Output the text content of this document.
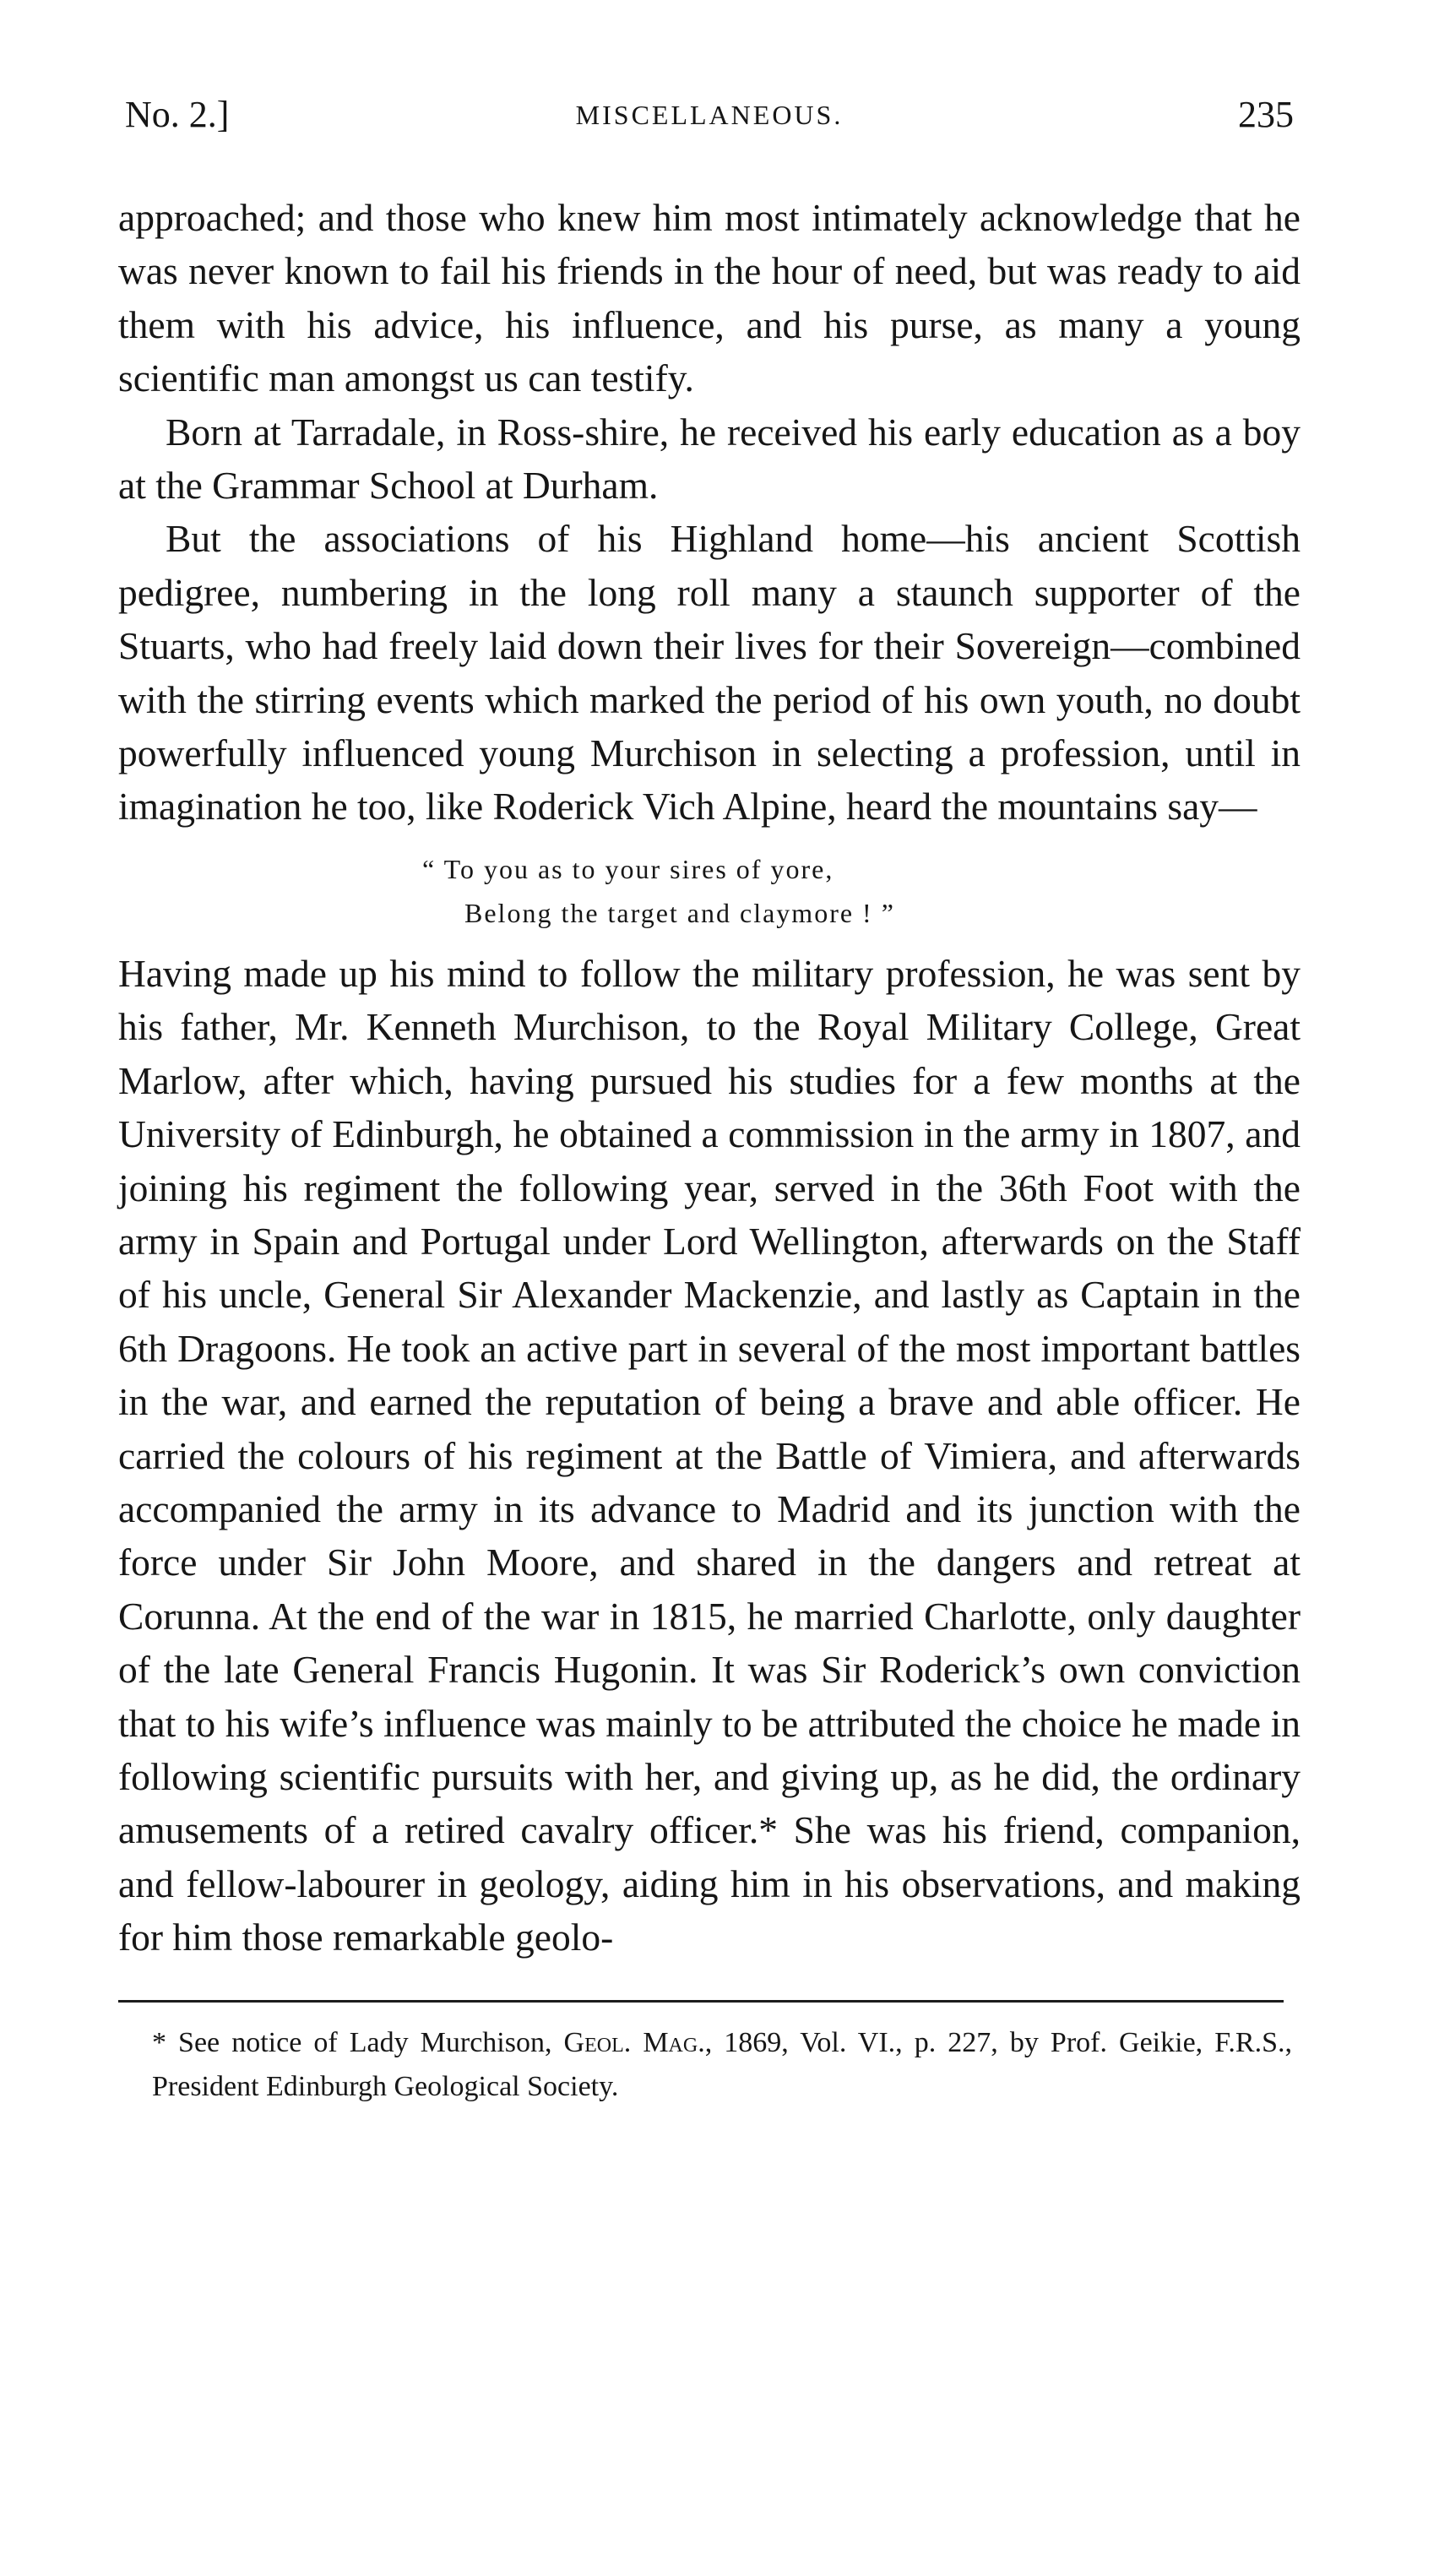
No. 2.]	MISCELLANEOUS.	235

approached; and those who knew him most intimately acknowledge that he was never known to fail his friends in the hour of need, but was ready to aid them with his advice, his influence, and his purse, as many a young scientific man amongst us can testify.

Born at Tarradale, in Ross-shire, he received his early education as a boy at the Grammar School at Durham.

But the associations of his Highland home—his ancient Scottish pedigree, numbering in the long roll many a staunch supporter of the Stuarts, who had freely laid down their lives for their Sovereign—combined with the stirring events which marked the period of his own youth, no doubt powerfully influenced young Murchison in selecting a profession, until in imagination he too, like Roderick Vich Alpine, heard the mountains say—

“ To you as to your sires of yore,
Belong the target and claymore ! ”

Having made up his mind to follow the military profession, he was sent by his father, Mr. Kenneth Murchison, to the Royal Military College, Great Marlow, after which, having pursued his studies for a few months at the University of Edinburgh, he obtained a commission in the army in 1807, and joining his regiment the following year, served in the 36th Foot with the army in Spain and Portugal under Lord Wellington, afterwards on the Staff of his uncle, General Sir Alexander Mackenzie, and lastly as Captain in the 6th Dragoons. He took an active part in several of the most important battles in the war, and earned the reputation of being a brave and able officer. He carried the colours of his regiment at the Battle of Vimiera, and afterwards accompanied the army in its advance to Madrid and its junction with the force under Sir John Moore, and shared in the dangers and retreat at Corunna. At the end of the war in 1815, he married Charlotte, only daughter of the late General Francis Hugonin. It was Sir Roderick’s own conviction that to his wife’s influence was mainly to be attributed the choice he made in following scientific pursuits with her, and giving up, as he did, the ordinary amusements of a retired cavalry officer.* She was his friend, companion, and fellow-labourer in geology, aiding him in his observations, and making for him those remarkable geolo-

* See notice of Lady Murchison, Geol. Mag., 1869, Vol. VI., p. 227, by Prof. Geikie, F.R.S., President Edinburgh Geological Society.
